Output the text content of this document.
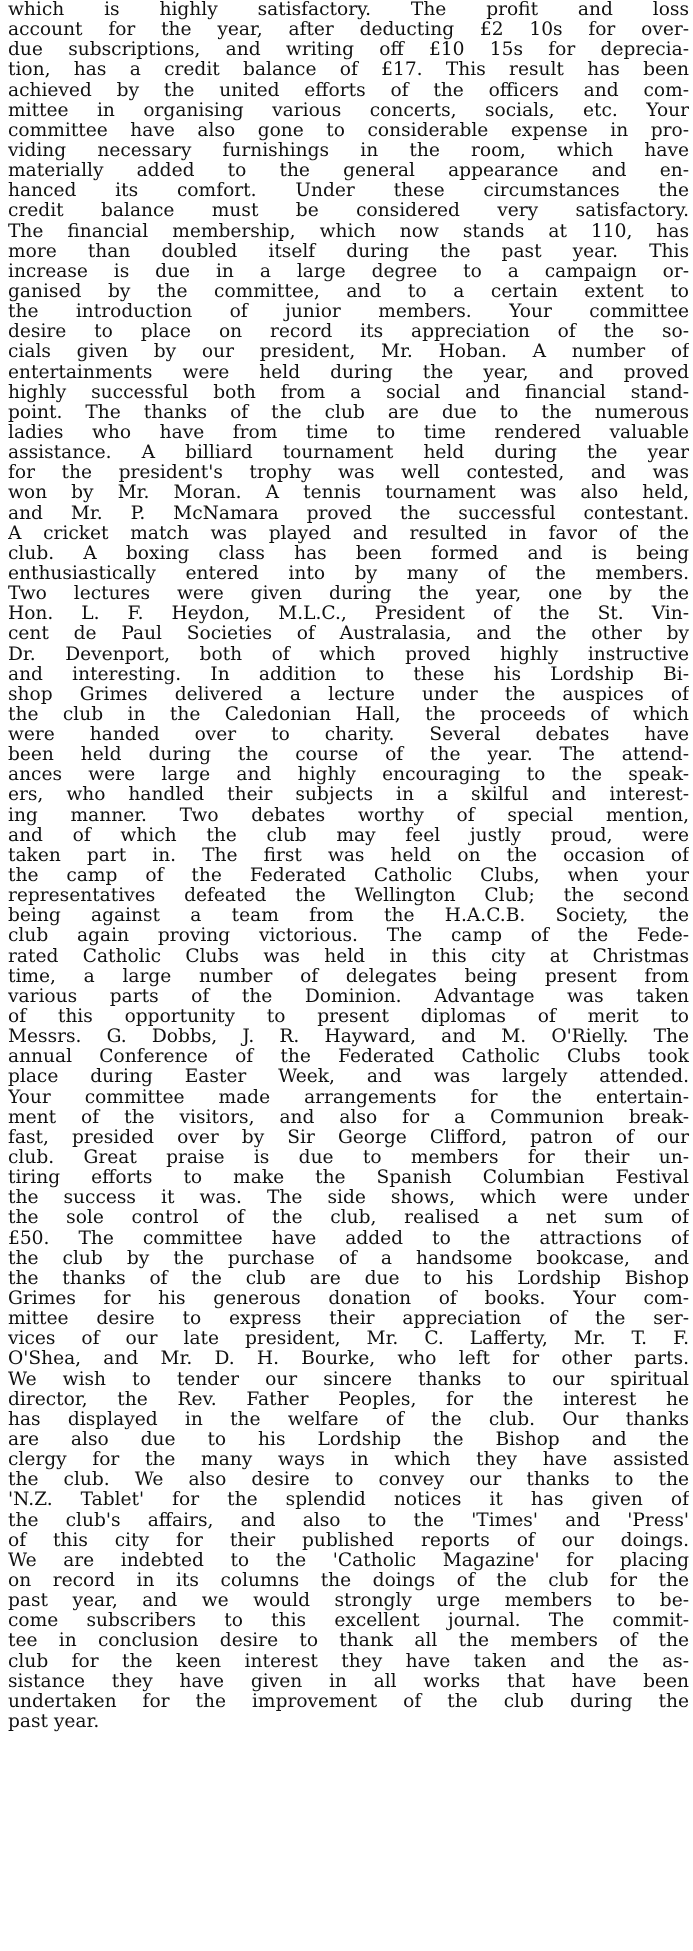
which is highly satisfactory. The profit and loss
account for the year, after deducting £2 10s for over-
due subscriptions, and writing off £10 15s for deprecia-
tion, has a credit balance of £17. This result has been
achieved by the united efforts of the officers and com-
mittee in organising various concerts, socials, etc. Your
committee have also gone to considerable expense in pro-
viding necessary furnishings in the room, which have
materially added to the general appearance and en-
hanced its comfort. Under these circumstances the
credit balance must be considered very satisfactory.
The financial membership, which now stands at 110, has
more than doubled itself during the past year. This
increase is due in a large degree to a campaign or-
ganised by the committee, and to a certain extent to
the introduction of junior members. Your committee
desire to place on record its appreciation of the so-
cials given by our president, Mr. Hoban. A number of
entertainments were held during the year, and proved
highly successful both from a social and financial stand-
point. The thanks of the club are due to the numerous
ladies who have from time to time rendered valuable
assistance. A billiard tournament held during the year
for the president's trophy was well contested, and was
won by Mr. Moran. A tennis tournament was also held,
and Mr. P. McNamara proved the successful contestant.
A cricket match was played and resulted in favor of the
club. A boxing class has been formed and is being
enthusiastically entered into by many of the members.
Two lectures were given during the year, one by the
Hon. L. F. Heydon, M.L.C., President of the St. Vin-
cent de Paul Societies of Australasia, and the other by
Dr. Devenport, both of which proved highly instructive
and interesting. In addition to these his Lordship Bi-
shop Grimes delivered a lecture under the auspices of
the club in the Caledonian Hall, the proceeds of which
were handed over to charity. Several debates have
been held during the course of the year. The attend-
ances were large and highly encouraging to the speak-
ers, who handled their subjects in a skilful and interest-
ing manner. Two debates worthy of special mention,
and of which the club may feel justly proud, were
taken part in. The first was held on the occasion of
the camp of the Federated Catholic Clubs, when your
representatives defeated the Wellington Club; the second
being against a team from the H.A.C.B. Society, the
club again proving victorious. The camp of the Fede-
rated Catholic Clubs was held in this city at Christmas
time, a large number of delegates being present from
various parts of the Dominion. Advantage was taken
of this opportunity to present diplomas of merit to
Messrs. G. Dobbs, J. R. Hayward, and M. O'Rielly. The
annual Conference of the Federated Catholic Clubs took
place during Easter Week, and was largely attended.
Your committee made arrangements for the entertain-
ment of the visitors, and also for a Communion break-
fast, presided over by Sir George Clifford, patron of our
club. Great praise is due to members for their un-
tiring efforts to make the Spanish Columbian Festival
the success it was. The side shows, which were under
the sole control of the club, realised a net sum of
£50. The committee have added to the attractions of
the club by the purchase of a handsome bookcase, and
the thanks of the club are due to his Lordship Bishop
Grimes for his generous donation of books. Your com-
mittee desire to express their appreciation of the ser-
vices of our late president, Mr. C. Lafferty, Mr. T. F.
O'Shea, and Mr. D. H. Bourke, who left for other parts.
We wish to tender our sincere thanks to our spiritual
director, the Rev. Father Peoples, for the interest he
has displayed in the welfare of the club. Our thanks
are also due to his Lordship the Bishop and the
clergy for the many ways in which they have assisted
the club. We also desire to convey our thanks to the
'N.Z. Tablet' for the splendid notices it has given of
the club's affairs, and also to the 'Times' and 'Press'
of this city for their published reports of our doings.
We are indebted to the 'Catholic Magazine' for placing
on record in its columns the doings of the club for the
past year, and we would strongly urge members to be-
come subscribers to this excellent journal. The commit-
tee in conclusion desire to thank all the members of the
club for the keen interest they have taken and the as-
sistance they have given in all works that have been
undertaken for the improvement of the club during the
past year.
